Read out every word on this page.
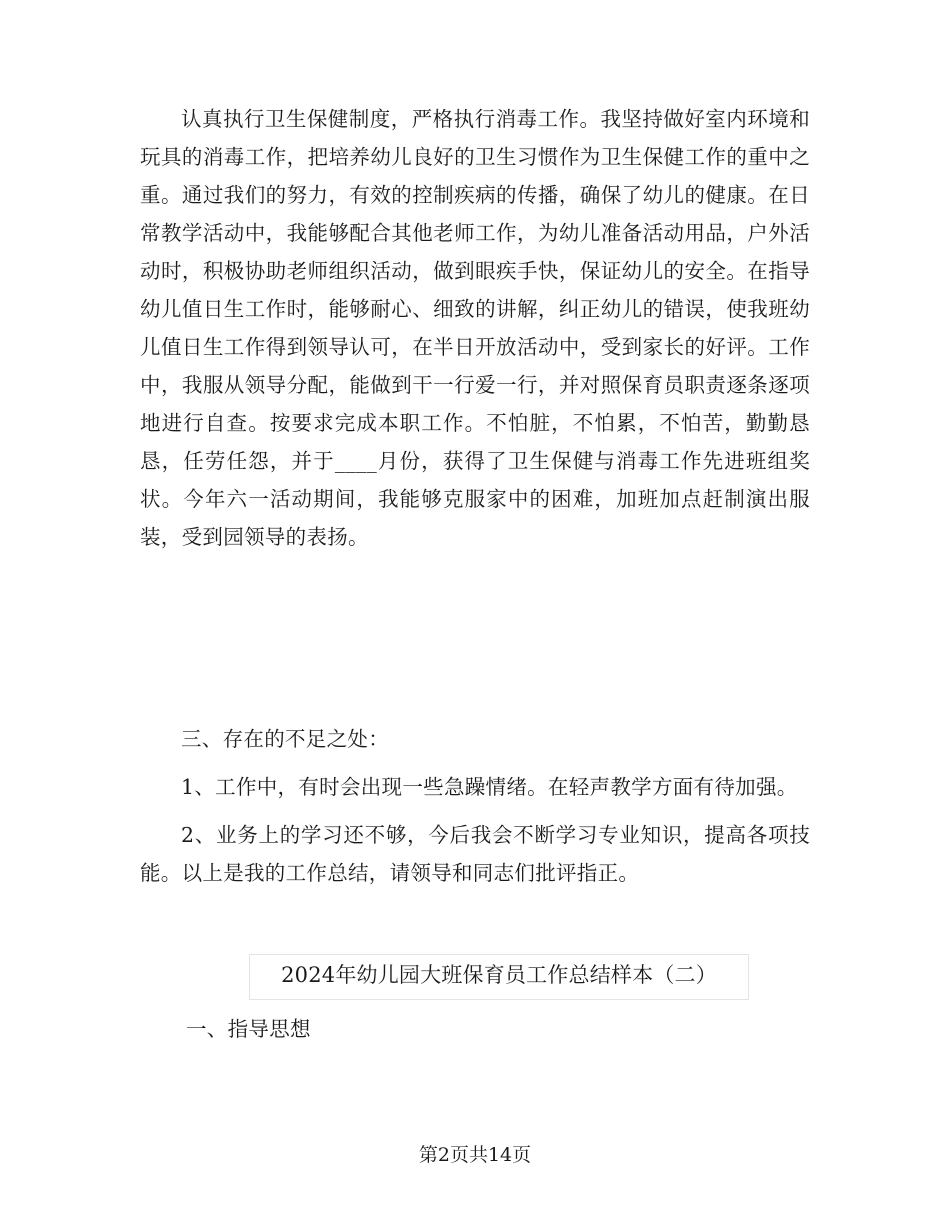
认真执行卫生保健制度，严格执行消毒工作。我坚持做好室内环境和玩具的消毒工作，把培养幼儿良好的卫生习惯作为卫生保健工作的重中之重。通过我们的努力，有效的控制疾病的传播，确保了幼儿的健康。在日常教学活动中，我能够配合其他老师工作，为幼儿准备活动用品，户外活动时，积极协助老师组织活动，做到眼疾手快，保证幼儿的安全。在指导幼儿值日生工作时，能够耐心、细致的讲解，纠正幼儿的错误，使我班幼儿值日生工作得到领导认可，在半日开放活动中，受到家长的好评。工作中，我服从领导分配，能做到干一行爱一行，并对照保育员职责逐条逐项地进行自查。按要求完成本职工作。不怕脏，不怕累，不怕苦，勤勤恳恳，任劳任怨，并于____月份，获得了卫生保健与消毒工作先进班组奖状。今年六一活动期间，我能够克服家中的困难，加班加点赶制演出服装，受到园领导的表扬。

三、存在的不足之处：

1、工作中，有时会出现一些急躁情绪。在轻声教学方面有待加强。

2、业务上的学习还不够，今后我会不断学习专业知识，提高各项技能。以上是我的工作总结，请领导和同志们批评指正。

2024年幼儿园大班保育员工作总结样本（二）
一、指导思想
第2页共14页
